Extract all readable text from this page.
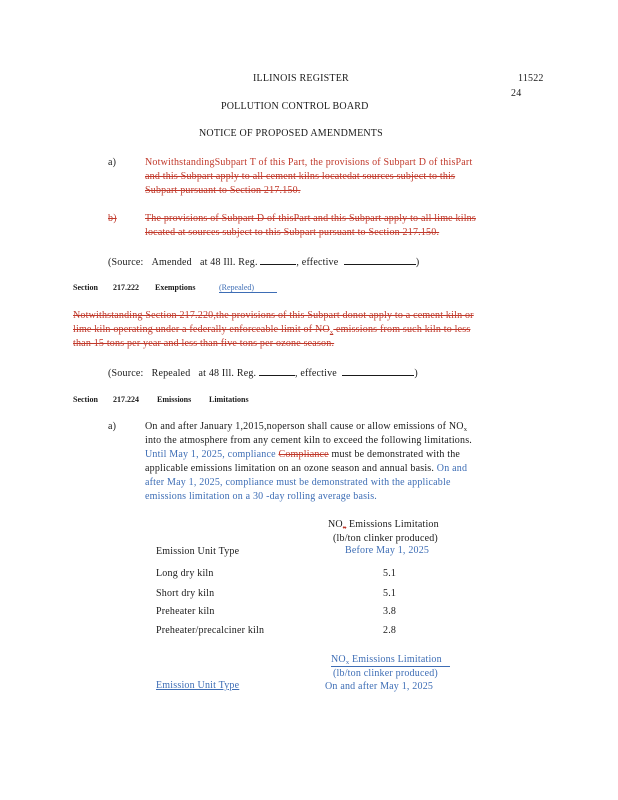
ILLINOIS REGISTER	11522
24
POLLUTION CONTROL BOARD
NOTICE OF PROPOSED AMENDMENTS
a)	NotwithstandingSubpart T of this Part, the provisions of Subpart D of thisPart
and this Subpart apply to all cement kilns locatedat sources subject to this
Subpart pursuant to Section 217.150.
b)	The provisions of Subpart D of thisPart and this Subpart apply to all lime kilns
located at sources subject to this Subpart pursuant to Section 217.150.
(Source: Amended at 48 Ill. Reg.	, effective	)
Section 217.222 Exemptions	(Repealed)
Notwithstanding Section 217.220,the provisions of this Subpart donot apply to a cement kiln or
lime kiln operating under a federally enforceable limit of $NO_x$ emissions from such kiln to less
than 15 tons per year and less than five tons per ozone season.
(Source: Repealed at 48 Ill. Reg.	, effective	)
Section 217.224 Emissions Limitations
a)	On and after January 1,2015,noperson shall cause or allow emissions of $NO_x$
into the atmosphere from any cement kiln to exceed the following limitations.
Until May 1, 2025, compliance Compliance must be demonstrated with the
applicable emissions limitation on an ozone season and annual basis. On and
after May 1, 2025, compliance must be demonstrated with the applicable
emissions limitation on a 30 -day rolling average basis.
$NO_x$ Emissions Limitation
(lb/ton clinker produced)
Before May 1, 2025
Emission Unit Type
Long dry kiln	5.1
Short dry kiln	5.1
Preheater kiln	3.8
Preheater/precalciner kiln	2.8
$NO_x$ Emissions Limitation
(lb/ton clinker produced)
On and after May 1, 2025
Emission Unit Type
